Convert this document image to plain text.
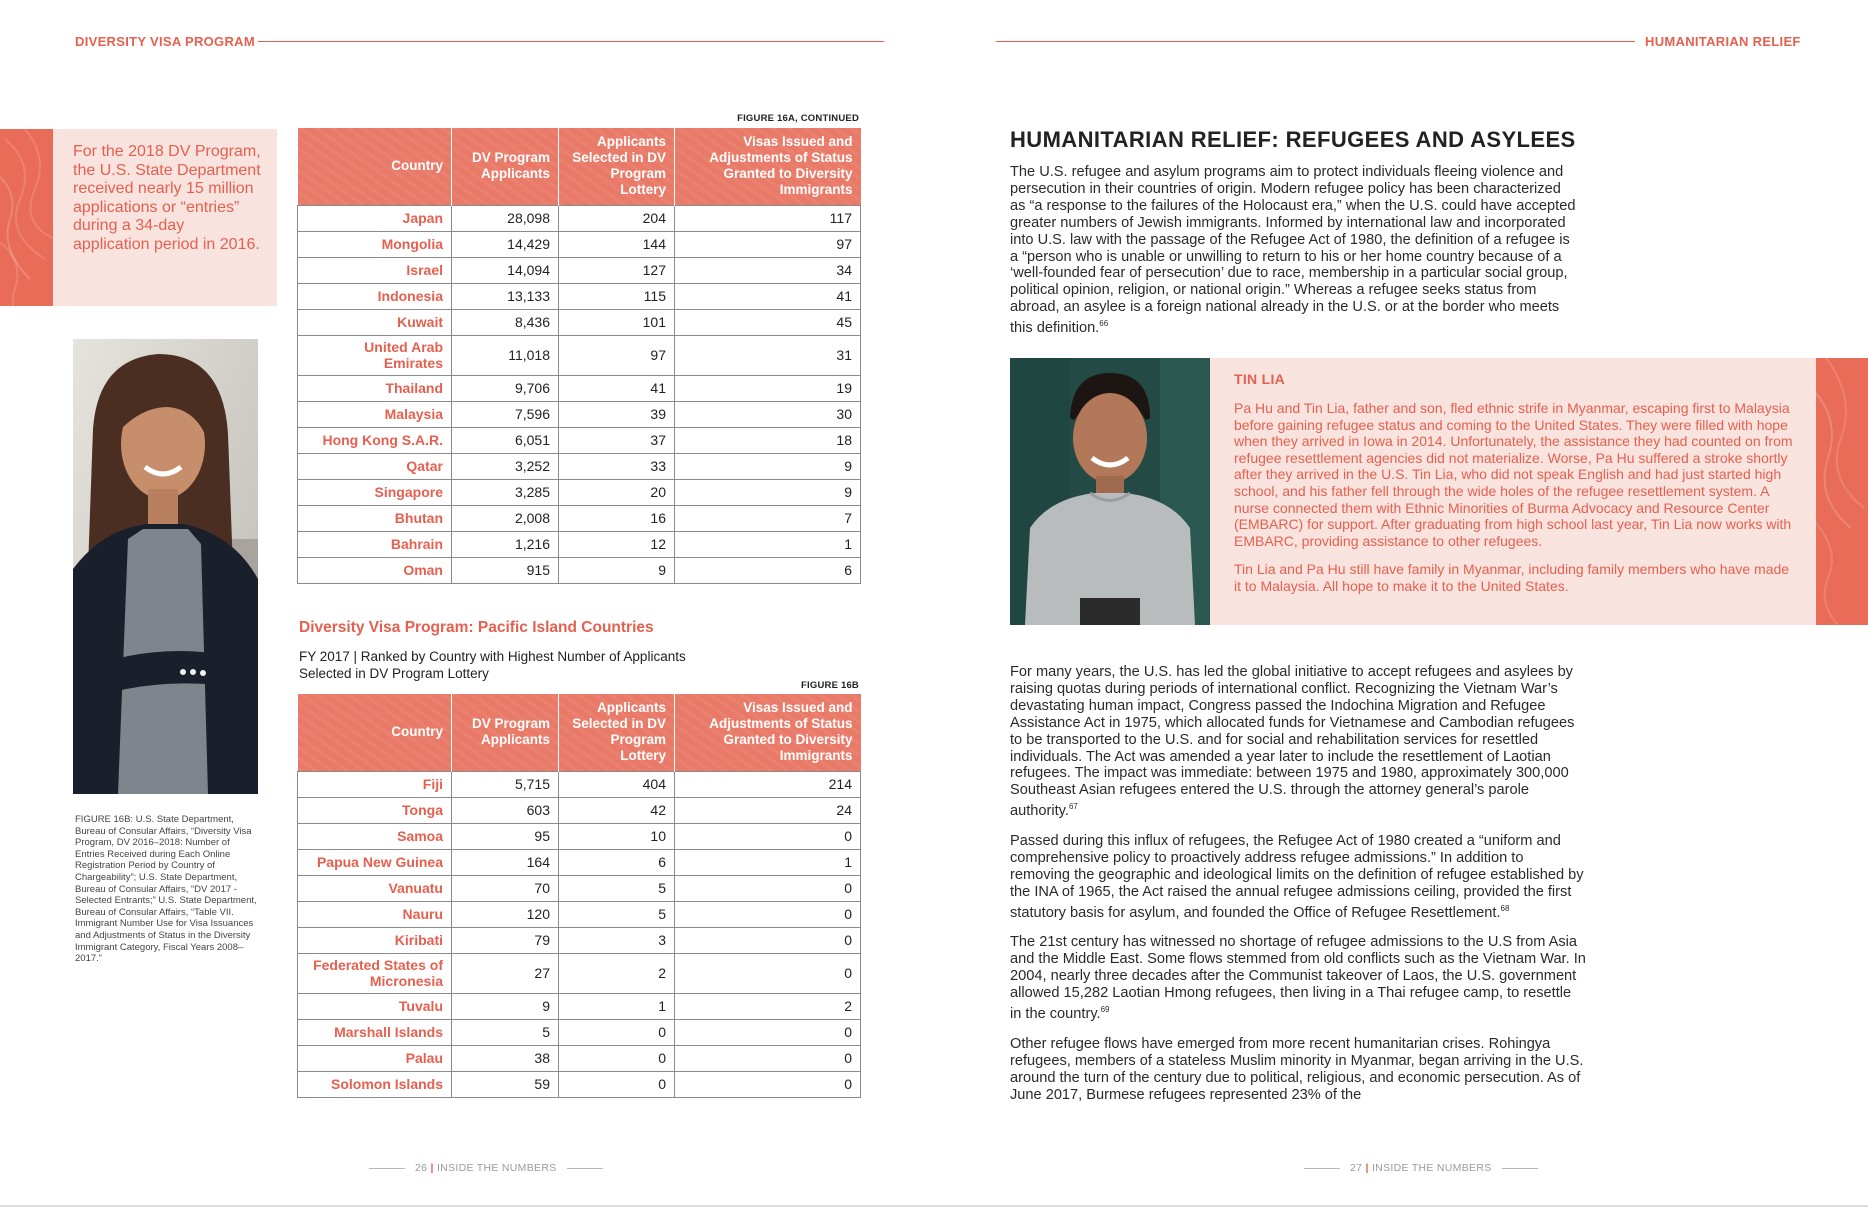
DIVERSITY VISA PROGRAM
For the 2018 DV Program, the U.S. State Department received nearly 15 million applications or “entries” during a 34-day application period in 2016.
FIGURE 16B: U.S. State Department, Bureau of Consular Affairs, “Diversity Visa Program, DV 2016–2018: Number of Entries Received during Each Online Registration Period by Country of Chargeability”; U.S. State Department, Bureau of Consular Affairs, “DV 2017 - Selected Entrants;” U.S. State Department, Bureau of Consular Affairs, “Table VII. Immigrant Number Use for Visa Issuances and Adjustments of Status in the Diversity Immigrant Category, Fiscal Years 2008–2017.”
FIGURE 16A, CONTINUED
Country	DV Program Applicants	Applicants Selected in DV Program Lottery	Visas Issued and Adjustments of Status Granted to Diversity Immigrants
Japan	28,098	204	117
Mongolia	14,429	144	97
Israel	14,094	127	34
Indonesia	13,133	115	41
Kuwait	8,436	101	45
United Arab Emirates	11,018	97	31
Thailand	9,706	41	19
Malaysia	7,596	39	30
Hong Kong S.A.R.	6,051	37	18
Qatar	3,252	33	9
Singapore	3,285	20	9
Bhutan	2,008	16	7
Bahrain	1,216	12	1
Oman	915	9	6
Diversity Visa Program: Pacific Island Countries
FY 2017 | Ranked by Country with Highest Number of Applicants Selected in DV Program Lottery
FIGURE 16B
Country	DV Program Applicants	Applicants Selected in DV Program Lottery	Visas Issued and Adjustments of Status Granted to Diversity Immigrants
Fiji	5,715	404	214
Tonga	603	42	24
Samoa	95	10	0
Papua New Guinea	164	6	1
Vanuatu	70	5	0
Nauru	120	5	0
Kiribati	79	3	0
Federated States of Micronesia	27	2	0
Tuvalu	9	1	2
Marshall Islands	5	0	0
Palau	38	0	0
Solomon Islands	59	0	0
26 | INSIDE THE NUMBERS
HUMANITARIAN RELIEF
HUMANITARIAN RELIEF: REFUGEES AND ASYLEES
The U.S. refugee and asylum programs aim to protect individuals fleeing violence and persecution in their countries of origin. Modern refugee policy has been characterized as “a response to the failures of the Holocaust era,” when the U.S. could have accepted greater numbers of Jewish immigrants. Informed by international law and incorporated into U.S. law with the passage of the Refugee Act of 1980, the definition of a refugee is a “person who is unable or unwilling to return to his or her home country because of a ‘well-founded fear of persecution’ due to race, membership in a particular social group, political opinion, religion, or national origin.” Whereas a refugee seeks status from abroad, an asylee is a foreign national already in the U.S. or at the border who meets this definition.$^{66}$
TIN LIA

Pa Hu and Tin Lia, father and son, fled ethnic strife in Myanmar, escaping first to Malaysia before gaining refugee status and coming to the United States. They were filled with hope when they arrived in Iowa in 2014. Unfortunately, the assistance they had counted on from refugee resettlement agencies did not materialize. Worse, Pa Hu suffered a stroke shortly after they arrived in the U.S. Tin Lia, who did not speak English and had just started high school, and his father fell through the wide holes of the refugee resettlement system. A nurse connected them with Ethnic Minorities of Burma Advocacy and Resource Center (EMBARC) for support. After graduating from high school last year, Tin Lia now works with EMBARC, providing assistance to other refugees.

Tin Lia and Pa Hu still have family in Myanmar, including family members who have made it to Malaysia. All hope to make it to the United States.

For many years, the U.S. has led the global initiative to accept refugees and asylees by raising quotas during periods of international conflict. Recognizing the Vietnam War’s devastating human impact, Congress passed the Indochina Migration and Refugee Assistance Act in 1975, which allocated funds for Vietnamese and Cambodian refugees to be transported to the U.S. and for social and rehabilitation services for resettled individuals. The Act was amended a year later to include the resettlement of Laotian refugees. The impact was immediate: between 1975 and 1980, approximately 300,000 Southeast Asian refugees entered the U.S. through the attorney general’s parole authority.$^{67}$

Passed during this influx of refugees, the Refugee Act of 1980 created a “uniform and comprehensive policy to proactively address refugee admissions.” In addition to removing the geographic and ideological limits on the definition of refugee established by the INA of 1965, the Act raised the annual refugee admissions ceiling, provided the first statutory basis for asylum, and founded the Office of Refugee Resettlement.$^{68}$

The 21st century has witnessed no shortage of refugee admissions to the U.S from Asia and the Middle East. Some flows stemmed from old conflicts such as the Vietnam War. In 2004, nearly three decades after the Communist takeover of Laos, the U.S. government allowed 15,282 Laotian Hmong refugees, then living in a Thai refugee camp, to resettle in the country.$^{69}$

Other refugee flows have emerged from more recent humanitarian crises. Rohingya refugees, members of a stateless Muslim minority in Myanmar, began arriving in the U.S. around the turn of the century due to political, religious, and economic persecution. As of June 2017, Burmese refugees represented 23% of the

27 | INSIDE THE NUMBERS
